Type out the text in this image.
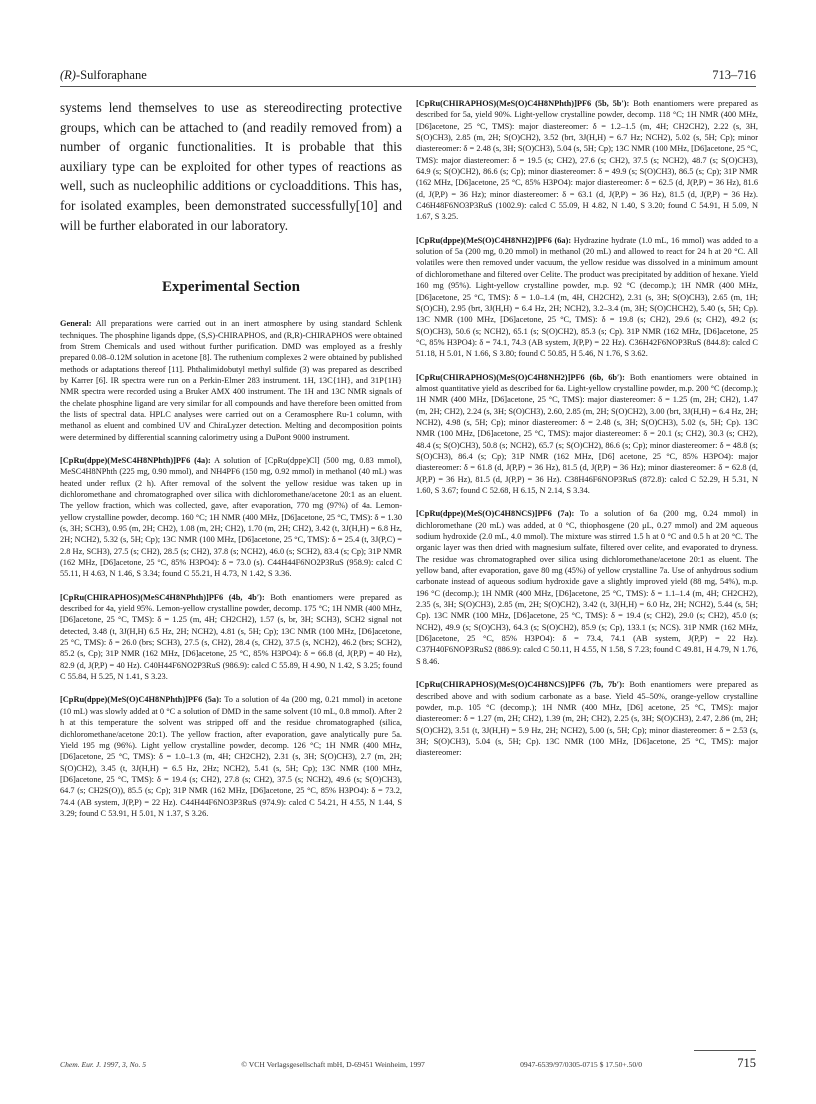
(R)-Sulforaphane	713–716

systems lend themselves to use as stereodirecting protective groups, which can be attached to (and readily removed from) a number of organic functionalities. It is probable that this auxiliary type can be exploited for other types of reactions as well, such as nucleophilic additions or cycloadditions. This has, for isolated examples, been demonstrated successfully[10] and will be further elaborated in our laboratory.

Experimental Section

General: All preparations were carried out in an inert atmosphere by using standard Schlenk techniques. The phosphine ligands dppe, (S,S)-CHIRAPHOS, and (R,R)-CHIRAPHOS were obtained from Strem Chemicals and used without further purification. DMD was employed as a freshly prepared 0.08–0.12M solution in acetone [8]. The ruthenium complexes 2 were obtained by published methods or adaptations thereof [11]. Phthalimidobutyl methyl sulfide (3) was prepared as described by Karrer [6]. IR spectra were run on a Perkin-Elmer 283 instrument. 1H, 13C{1H}, and 31P{1H} NMR spectra were recorded using a Bruker AMX 400 instrument. The 1H and 13C NMR signals of the chelate phosphine ligand are very similar for all compounds and have therefore been omitted from the lists of spectral data. HPLC analyses were carried out on a Ceramosphere Ru-1 column, with methanol as eluent and combined UV and ChiraLyzer detection. Melting and decomposition points were determined by differential scanning calorimetry using a DuPont 9000 instrument.

[CpRu(dppe)(MeSC4H8NPhth)]PF6 (4a): A solution of [CpRu(dppe)Cl] (500 mg, 0.83 mmol), MeSC4H8NPhth (225 mg, 0.90 mmol), and NH4PF6 (150 mg, 0.92 mmol) in methanol (40 mL) was heated under reflux (2 h). After removal of the solvent the yellow residue was taken up in dichloromethane and chromatographed over silica with dichloromethane/acetone 20:1 as an eluent. The yellow fraction, which was collected, gave, after evaporation, 770 mg (97%) of 4a. Lemon-yellow crystalline powder, decomp. 160 °C; 1H NMR (400 MHz, [D6]acetone, 25 °C, TMS): δ = 1.30 (s, 3H; SCH3), 0.95 (m, 2H; CH2), 1.08 (m, 2H; CH2), 1.70 (m, 2H; CH2), 3.42 (t, 3J(H,H) = 6.8 Hz, 2H; NCH2), 5.32 (s, 5H; Cp); 13C NMR (100 MHz, [D6]acetone, 25 °C, TMS): δ = 25.4 (t, 3J(P,C) = 2.8 Hz, SCH3), 27.5 (s; CH2), 28.5 (s; CH2), 37.8 (s; NCH2), 46.0 (s; SCH2), 83.4 (s; Cp); 31P NMR (162 MHz, [D6]acetone, 25 °C, 85% H3PO4): δ = 73.0 (s). C44H44F6NO2P3RuS (958.9): calcd C 55.11, H 4.63, N 1.46, S 3.34; found C 55.21, H 4.73, N 1.42, S 3.36.

[CpRu(CHIRAPHOS)(MeSC4H8NPhth)]PF6 (4b, 4b′): Both enantiomers were prepared as described for 4a, yield 95%. Lemon-yellow crystalline powder, decomp. 175 °C; 1H NMR (400 MHz, [D6]acetone, 25 °C, TMS): δ = 1.25 (m, 4H; CH2CH2), 1.57 (s, br, 3H; SCH3), SCH2 signal not detected, 3.48 (t, 3J(H,H) 6.5 Hz, 2H; NCH2), 4.81 (s, 5H; Cp); 13C NMR (100 MHz, [D6]acetone, 25 °C, TMS): δ = 26.0 (brs; SCH3), 27.5 (s, CH2), 28.4 (s, CH2), 37.5 (s, NCH2), 46.2 (brs; SCH2), 85.2 (s, Cp); 31P NMR (162 MHz, [D6]acetone, 25 °C, 85% H3PO4): δ = 66.8 (d, J(P,P) = 40 Hz), 82.9 (d, J(P,P) = 40 Hz). C40H44F6NO2P3RuS (986.9): calcd C 55.89, H 4.90, N 1.42, S 3.25; found C 55.84, H 5.25, N 1.41, S 3.23.

[CpRu(dppe)(MeS(O)C4H8NPhth)]PF6 (5a): To a solution of 4a (200 mg, 0.21 mmol) in acetone (10 mL) was slowly added at 0 °C a solution of DMD in the same solvent (10 mL, 0.8 mmol). After 2 h at this temperature the solvent was stripped off and the residue chromatographed (silica, dichloromethane/acetone 20:1). The yellow fraction, after evaporation, gave analytically pure 5a. Yield 195 mg (96%). Light yellow crystalline powder, decomp. 126 °C; 1H NMR (400 MHz, [D6]acetone, 25 °C, TMS): δ = 1.0–1.3 (m, 4H; CH2CH2), 2.31 (s, 3H; S(O)CH3), 2.7 (m, 2H; S(O)CH2), 3.45 (t, 3J(H,H) = 6.5 Hz, 2Hz; NCH2), 5.41 (s, 5H; Cp); 13C NMR (100 MHz, [D6]acetone, 25 °C, TMS): δ = 19.4 (s; CH2), 27.8 (s; CH2), 37.5 (s; NCH2), 49.6 (s; S(O)CH3), 64.7 (s; CH2S(O)), 85.5 (s; Cp); 31P NMR (162 MHz, [D6]acetone, 25 °C, 85% H3PO4): δ = 73.2, 74.4 (AB system, J(P,P) = 22 Hz). C44H44F6NO3P3RuS (974.9): calcd C 54.21, H 4.55, N 1.44, S 3.29; found C 53.91, H 5.01, N 1.37, S 3.26.

[CpRu(CHIRAPHOS)(MeS(O)C4H8NPhth)]PF6 (5b, 5b′): Both enantiomers were prepared as described for 5a, yield 90%. Light-yellow crystalline powder, decomp. 118 °C; 1H NMR (400 MHz, [D6]acetone, 25 °C, TMS): major diastereomer: δ = 1.2–1.5 (m, 4H; CH2CH2), 2.22 (s, 3H, S(O)CH3), 2.85 (m, 2H; S(O)CH2), 3.52 (brt, 3J(H,H) = 6.7 Hz; NCH2), 5.02 (s, 5H; Cp); minor diastereomer: δ = 2.48 (s, 3H; S(O)CH3), 5.04 (s, 5H; Cp); 13C NMR (100 MHz, [D6]acetone, 25 °C, TMS): major diastereomer: δ = 19.5 (s; CH2), 27.6 (s; CH2), 37.5 (s; NCH2), 48.7 (s; S(O)CH3), 64.9 (s; S(O)CH2), 86.6 (s; Cp); minor diastereomer: δ = 49.9 (s; S(O)CH3), 86.5 (s; Cp); 31P NMR (162 MHz, [D6]acetone, 25 °C, 85% H3PO4): major diastereomer: δ = 62.5 (d, J(P,P) = 36 Hz), 81.6 (d, J(P,P) = 36 Hz); minor diastereomer: δ = 63.1 (d, J(P,P) = 36 Hz), 81.5 (d, J(P,P) = 36 Hz). C46H48F6NO3P3RuS (1002.9): calcd C 55.09, H 4.82, N 1.40, S 3.20; found C 54.91, H 5.09, N 1.67, S 3.25.

[CpRu(dppe)(MeS(O)C4H8NH2)]PF6 (6a): Hydrazine hydrate (1.0 mL, 16 mmol) was added to a solution of 5a (200 mg, 0.20 mmol) in methanol (20 mL) and allowed to react for 24 h at 20 °C. All volatiles were then removed under vacuum, the yellow residue was dissolved in a minimum amount of dichloromethane and filtered over Celite. The product was precipitated by addition of hexane. Yield 160 mg (95%). Light-yellow crystalline powder, m.p. 92 °C (decomp.); 1H NMR (400 MHz, [D6]acetone, 25 °C, TMS): δ = 1.0–1.4 (m, 4H, CH2CH2), 2.31 (s, 3H; S(O)CH3), 2.65 (m, 1H; S(O)CH), 2.95 (brt, 3J(H,H) = 6.4 Hz, 2H; NCH2), 3.2–3.4 (m, 3H; S(O)CHCH2), 5.40 (s, 5H; Cp). 13C NMR (100 MHz, [D6]acetone, 25 °C, TMS): δ = 19.8 (s; CH2), 29.6 (s; CH2), 49.2 (s; S(O)CH3), 50.6 (s; NCH2), 65.1 (s; S(O)CH2), 85.3 (s; Cp). 31P NMR (162 MHz, [D6]acetone, 25 °C, 85% H3PO4): δ = 74.1, 74.3 (AB system, J(P,P) = 22 Hz). C36H42F6NOP3RuS (844.8): calcd C 51.18, H 5.01, N 1.66, S 3.80; found C 50.85, H 5.46, N 1.76, S 3.62.

[CpRu(CHIRAPHOS)(MeS(O)C4H8NH2)]PF6 (6b, 6b′): Both enantiomers were obtained in almost quantitative yield as described for 6a. Light-yellow crystalline powder, m.p. 200 °C (decomp.); 1H NMR (400 MHz, [D6]acetone, 25 °C, TMS): major diastereomer: δ = 1.25 (m, 2H; CH2), 1.47 (m, 2H; CH2), 2.24 (s, 3H; S(O)CH3), 2.60, 2.85 (m, 2H; S(O)CH2), 3.00 (brt, 3J(H,H) = 6.4 Hz, 2H; NCH2), 4.98 (s, 5H; Cp); minor diastereomer: δ = 2.48 (s, 3H; S(O)CH3), 5.02 (s, 5H; Cp). 13C NMR (100 MHz, [D6]acetone, 25 °C, TMS): major diastereomer: δ = 20.1 (s; CH2), 30.3 (s; CH2), 48.4 (s; S(O)CH3), 50.8 (s; NCH2), 65.7 (s; S(O)CH2), 86.6 (s; Cp); minor diastereomer: δ = 48.8 (s; S(O)CH3), 86.4 (s; Cp); 31P NMR (162 MHz, [D6] acetone, 25 °C, 85% H3PO4): major diastereomer: δ = 61.8 (d, J(P,P) = 36 Hz), 81.5 (d, J(P,P) = 36 Hz); minor diastereomer: δ = 62.8 (d, J(P,P) = 36 Hz), 81.5 (d, J(P,P) = 36 Hz). C38H46F6NOP3RuS (872.8): calcd C 52.29, H 5.31, N 1.60, S 3.67; found C 52.68, H 6.15, N 2.14, S 3.34.

[CpRu(dppe)(MeS(O)C4H8NCS)]PF6 (7a): To a solution of 6a (200 mg, 0.24 mmol) in dichloromethane (20 mL) was added, at 0 °C, thiophosgene (20 μL, 0.27 mmol) and 2M aqueous sodium hydroxide (2.0 mL, 4.0 mmol). The mixture was stirred 1.5 h at 0 °C and 0.5 h at 20 °C. The organic layer was then dried with magnesium sulfate, filtered over celite, and evaporated to dryness. The residue was chromatographed over silica using dichloromethane/acetone 20:1 as eluent. The yellow band, after evaporation, gave 80 mg (45%) of yellow crystalline 7a. Use of anhydrous sodium carbonate instead of aqueous sodium hydroxide gave a slightly improved yield (88 mg, 54%), m.p. 196 °C (decomp.); 1H NMR (400 MHz, [D6]acetone, 25 °C, TMS): δ = 1.1–1.4 (m, 4H; CH2CH2), 2.35 (s, 3H; S(O)CH3), 2.85 (m, 2H; S(O)CH2), 3.42 (t, 3J(H,H) = 6.0 Hz, 2H; NCH2), 5.44 (s, 5H; Cp). 13C NMR (100 MHz, [D6]acetone, 25 °C, TMS): δ = 19.4 (s; CH2), 29.0 (s; CH2), 45.0 (s; NCH2), 49.9 (s; S(O)CH3), 64.3 (s; S(O)CH2), 85.9 (s; Cp), 133.1 (s; NCS). 31P NMR (162 MHz, [D6]acetone, 25 °C, 85% H3PO4): δ = 73.4, 74.1 (AB system, J(P,P) = 22 Hz). C37H40F6NOP3RuS2 (886.9): calcd C 50.11, H 4.55, N 1.58, S 7.23; found C 49.81, H 4.79, N 1.76, S 8.46.

[CpRu(CHIRAPHOS)(MeS(O)C4H8NCS)]PF6 (7b, 7b′): Both enantiomers were prepared as described above and with sodium carbonate as a base. Yield 45–50%, orange-yellow crystalline powder, m.p. 105 °C (decomp.); 1H NMR (400 MHz, [D6] acetone, 25 °C, TMS): major diastereomer: δ = 1.27 (m, 2H; CH2), 1.39 (m, 2H; CH2), 2.25 (s, 3H; S(O)CH3), 2.47, 2.86 (m, 2H; S(O)CH2), 3.51 (t, 3J(H,H) = 5.9 Hz, 2H; NCH2), 5.00 (s, 5H; Cp); minor diastereomer: δ = 2.53 (s, 3H; S(O)CH3), 5.04 (s, 5H; Cp). 13C NMR (100 MHz, [D6]acetone, 25 °C, TMS): major diastereomer:

Chem. Eur. J. 1997, 3, No. 5	© VCH Verlagsgesellschaft mbH, D-69451 Weinheim, 1997	0947-6539/97/0305-0715 $ 17.50+.50/0	715
